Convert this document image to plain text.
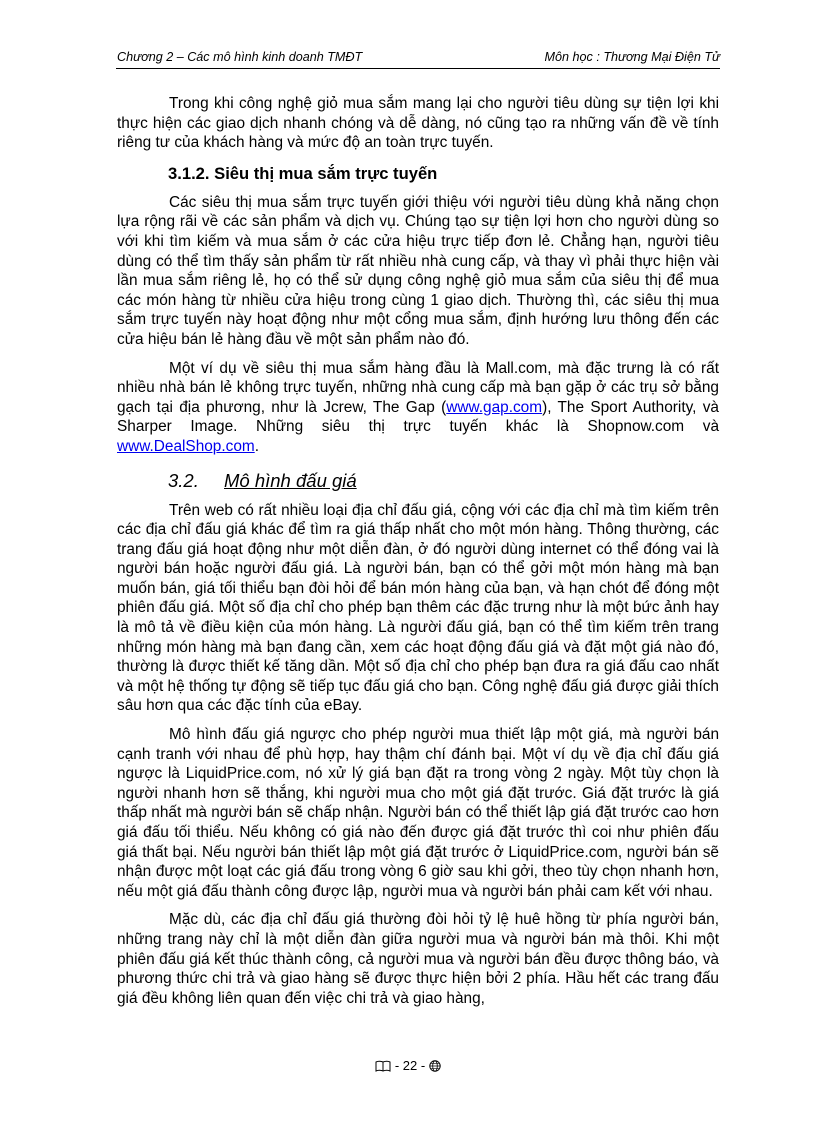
Chương 2 – Các mô hình kinh doanh TMĐT	Môn học : Thương Mại Điện Tử

Trong khi công nghệ giỏ mua sắm mang lại cho người tiêu dùng sự tiện lợi khi thực hiện các giao dịch nhanh chóng và dễ dàng, nó cũng tạo ra những vấn đề về tính riêng tư của khách hàng và mức độ an toàn trực tuyến.

3.1.2. Siêu thị mua sắm trực tuyến

Các siêu thị mua sắm trực tuyến giới thiệu với người tiêu dùng khả năng chọn lựa rộng rãi về các sản phẩm và dịch vụ. Chúng tạo sự tiện lợi hơn cho người dùng so với khi tìm kiếm và mua sắm ở các cửa hiệu trực tiếp đơn lẻ. Chẳng hạn, người tiêu dùng có thể tìm thấy sản phẩm từ rất nhiều nhà cung cấp, và thay vì phải thực hiện vài lần mua sắm riêng lẻ, họ có thể sử dụng công nghệ giỏ mua sắm của siêu thị để mua các món hàng từ nhiều cửa hiệu trong cùng 1 giao dịch. Thường thì, các siêu thị mua sắm trực tuyến này hoạt động như một cổng mua sắm, định hướng lưu thông đến các cửa hiệu bán lẻ hàng đầu về một sản phẩm nào đó.

Một ví dụ về siêu thị mua sắm hàng đầu là Mall.com, mà đặc trưng là có rất nhiều nhà bán lẻ không trực tuyến, những nhà cung cấp mà bạn gặp ở các trụ sở bằng gạch tại địa phương, như là Jcrew, The Gap (www.gap.com), The Sport Authority, và Sharper Image. Những siêu thị trực tuyến khác là Shopnow.com và www.DealShop.com.

3.2. Mô hình đấu giá

Trên web có rất nhiều loại địa chỉ đấu giá, cộng với các địa chỉ mà tìm kiếm trên các địa chỉ đấu giá khác để tìm ra giá thấp nhất cho một món hàng. Thông thường, các trang đấu giá hoạt động như một diễn đàn, ở đó người dùng internet có thể đóng vai là người bán hoặc người đấu giá. Là người bán, bạn có thể gởi một món hàng mà bạn muốn bán, giá tối thiểu bạn đòi hỏi để bán món hàng của bạn, và hạn chót để đóng một phiên đấu giá. Một số địa chỉ cho phép bạn thêm các đặc trưng như là một bức ảnh hay là mô tả về điều kiện của món hàng. Là người đấu giá, bạn có thể tìm kiếm trên trang những món hàng mà bạn đang cần, xem các hoạt động đấu giá và đặt một giá nào đó, thường là được thiết kế tăng dần. Một số địa chỉ cho phép bạn đưa ra giá đấu cao nhất và một hệ thống tự động sẽ tiếp tục đấu giá cho bạn. Công nghệ đấu giá được giải thích sâu hơn qua các đặc tính của eBay.

Mô hình đấu giá ngược cho phép người mua thiết lập một giá, mà người bán cạnh tranh với nhau để phù hợp, hay thậm chí đánh bại. Một ví dụ về địa chỉ đấu giá ngược là LiquidPrice.com, nó xử lý giá bạn đặt ra trong vòng 2 ngày. Một tùy chọn là người nhanh hơn sẽ thắng, khi người mua cho một giá đặt trước. Giá đặt trước là giá thấp nhất mà người bán sẽ chấp nhận. Người bán có thể thiết lập giá đặt trước cao hơn giá đấu tối thiểu. Nếu không có giá nào đến được giá đặt trước thì coi như phiên đấu giá thất bại. Nếu người bán thiết lập một giá đặt trước ở LiquidPrice.com, người bán sẽ nhận được một loạt các giá đấu trong vòng 6 giờ sau khi gởi, theo tùy chọn nhanh hơn, nếu một giá đấu thành công được lập, người mua và người bán phải cam kết với nhau.

Mặc dù, các địa chỉ đấu giá thường đòi hỏi tỷ lệ huê hồng từ phía người bán, những trang này chỉ là một diễn đàn giữa người mua và người bán mà thôi. Khi một phiên đấu giá kết thúc thành công, cả người mua và người bán đều được thông báo, và phương thức chi trả và giao hàng sẽ được thực hiện bởi 2 phía. Hầu hết các trang đấu giá đều không liên quan đến việc chi trả và giao hàng,

- 22 -
